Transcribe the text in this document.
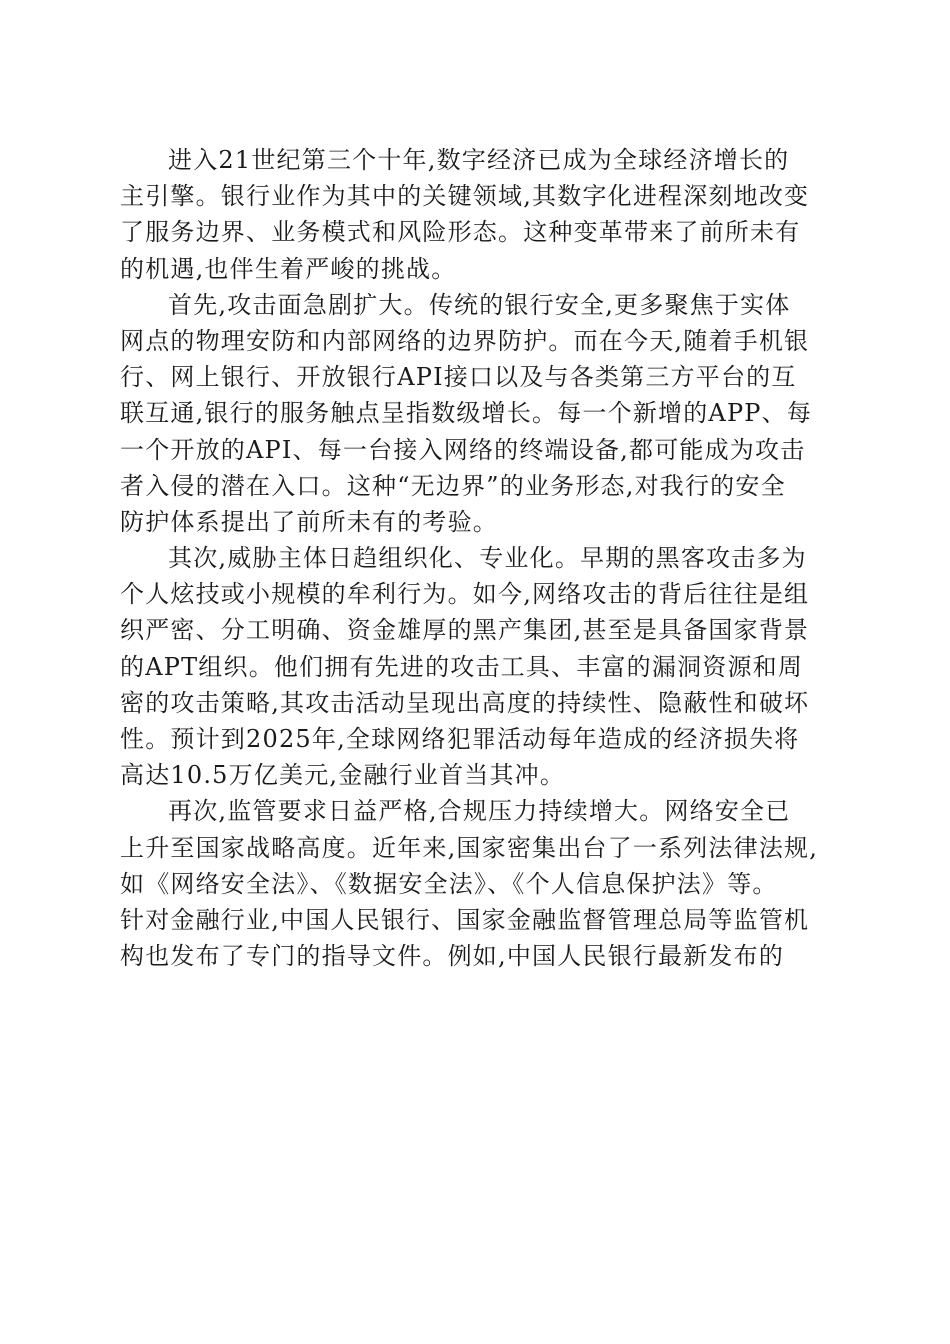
进入21世纪第三个十年,数字经济已成为全球经济增长的
主引擎。银行业作为其中的关键领域,其数字化进程深刻地改变
了服务边界、业务模式和风险形态。这种变革带来了前所未有
的机遇,也伴生着严峻的挑战。
首先,攻击面急剧扩大。传统的银行安全,更多聚焦于实体
网点的物理安防和内部网络的边界防护。而在今天,随着手机银
行、网上银行、开放银行API接口以及与各类第三方平台的互
联互通,银行的服务触点呈指数级增长。每一个新增的APP、每
一个开放的API、每一台接入网络的终端设备,都可能成为攻击
者入侵的潜在入口。这种“无边界”的业务形态,对我行的安全
防护体系提出了前所未有的考验。
其次,威胁主体日趋组织化、专业化。早期的黑客攻击多为
个人炫技或小规模的牟利行为。如今,网络攻击的背后往往是组
织严密、分工明确、资金雄厚的黑产集团,甚至是具备国家背景
的APT组织。他们拥有先进的攻击工具、丰富的漏洞资源和周
密的攻击策略,其攻击活动呈现出高度的持续性、隐蔽性和破坏
性。预计到2025年,全球网络犯罪活动每年造成的经济损失将
高达10.5万亿美元,金融行业首当其冲。
再次,监管要求日益严格,合规压力持续增大。网络安全已
上升至国家战略高度。近年来,国家密集出台了一系列法律法规,
如《网络安全法》、《数据安全法》、《个人信息保护法》等。
针对金融行业,中国人民银行、国家金融监督管理总局等监管机
构也发布了专门的指导文件。例如,中国人民银行最新发布的
